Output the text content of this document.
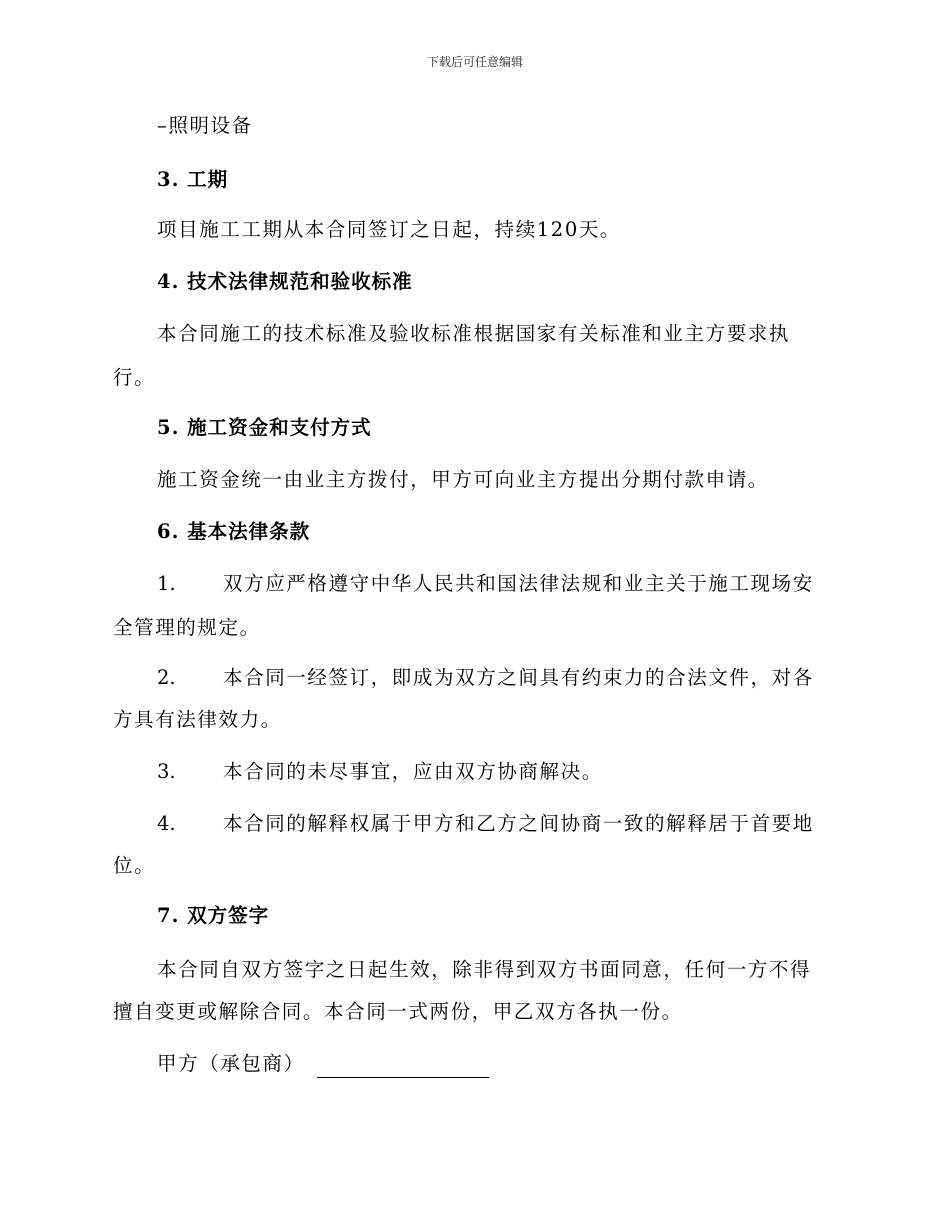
下载后可任意编辑
–照明设备
3. 工期
项目施工工期从本合同签订之日起，持续120天。
4. 技术法律规范和验收标准
本合同施工的技术标准及验收标准根据国家有关标准和业主方要求执
行。
5. 施工资金和支付方式
施工资金统一由业主方拨付，甲方可向业主方提出分期付款申请。
6. 基本法律条款
1. 双方应严格遵守中华人民共和国法律法规和业主关于施工现场安
全管理的规定。
2. 本合同一经签订，即成为双方之间具有约束力的合法文件，对各
方具有法律效力。
3. 本合同的未尽事宜，应由双方协商解决。
4. 本合同的解释权属于甲方和乙方之间协商一致的解释居于首要地
位。
7. 双方签字
本合同自双方签字之日起生效，除非得到双方书面同意，任何一方不得
擅自变更或解除合同。本合同一式两份，甲乙双方各执一份。
甲方（承包商）
